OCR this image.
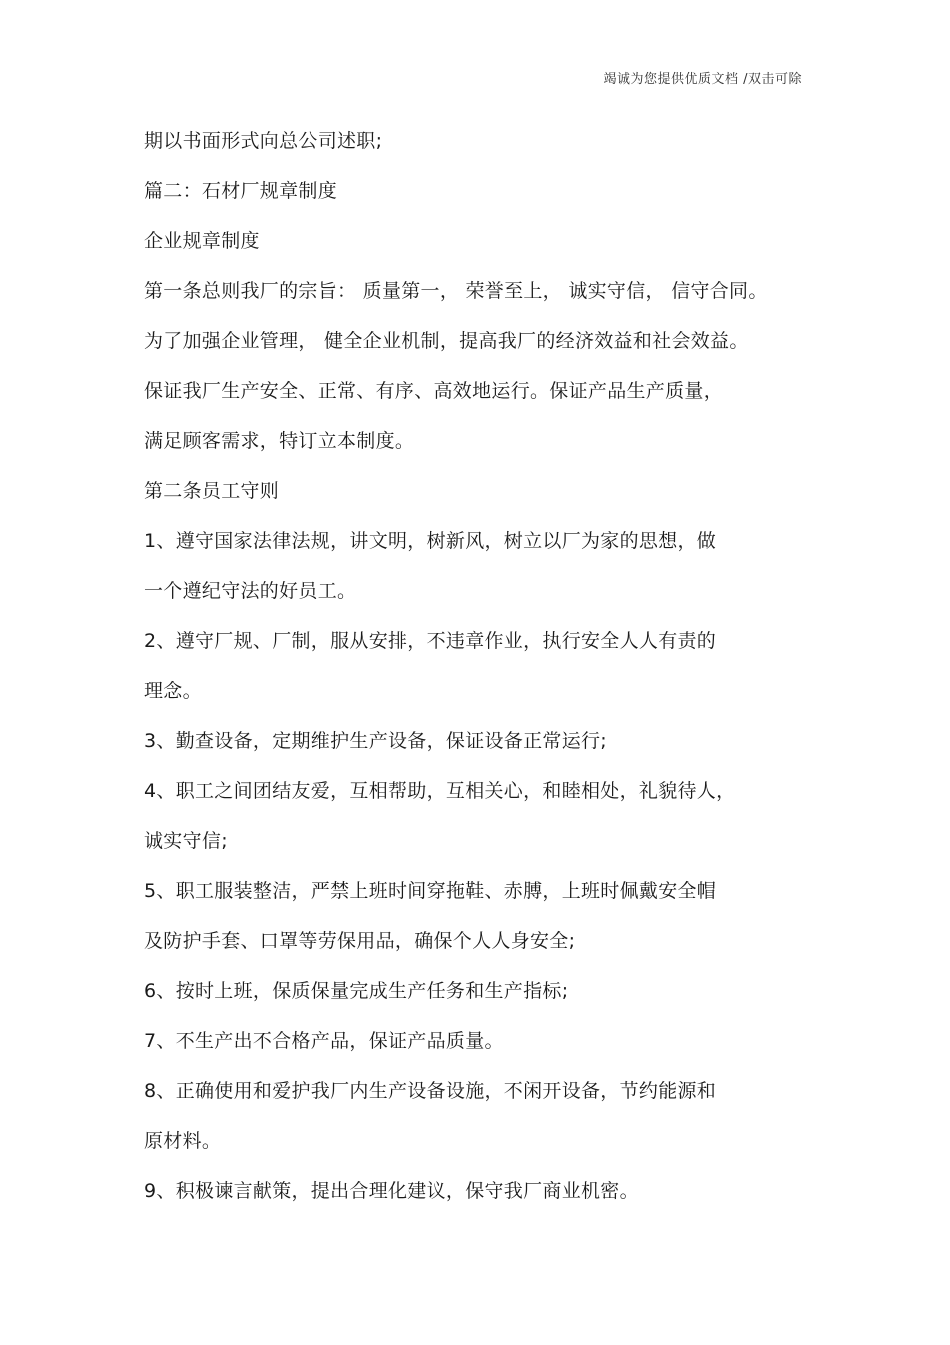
竭诚为您提供优质文档 /双击可除
期以书面形式向总公司述职;
篇二：石材厂规章制度
企业规章制度
第一条总则我厂的宗旨： 质量第一， 荣誉至上， 诚实守信， 信守合同。
为了加强企业管理， 健全企业机制，提高我厂的经济效益和社会效益。
保证我厂生产安全、正常、有序、高效地运行。保证产品生产质量，
满足顾客需求，特订立本制度。
第二条员工守则
1、遵守国家法律法规，讲文明，树新风，树立以厂为家的思想，做
一个遵纪守法的好员工。
2、遵守厂规、厂制，服从安排，不违章作业，执行安全人人有责的
理念。
3、勤查设备，定期维护生产设备，保证设备正常运行;
4、职工之间团结友爱，互相帮助，互相关心，和睦相处，礼貌待人，
诚实守信;
5、职工服装整洁，严禁上班时间穿拖鞋、赤膊，上班时佩戴安全帽
及防护手套、口罩等劳保用品，确保个人人身安全;
6、按时上班，保质保量完成生产任务和生产指标;
7、不生产出不合格产品，保证产品质量。
8、正确使用和爱护我厂内生产设备设施，不闲开设备，节约能源和
原材料。
9、积极谏言献策，提出合理化建议，保守我厂商业机密。
